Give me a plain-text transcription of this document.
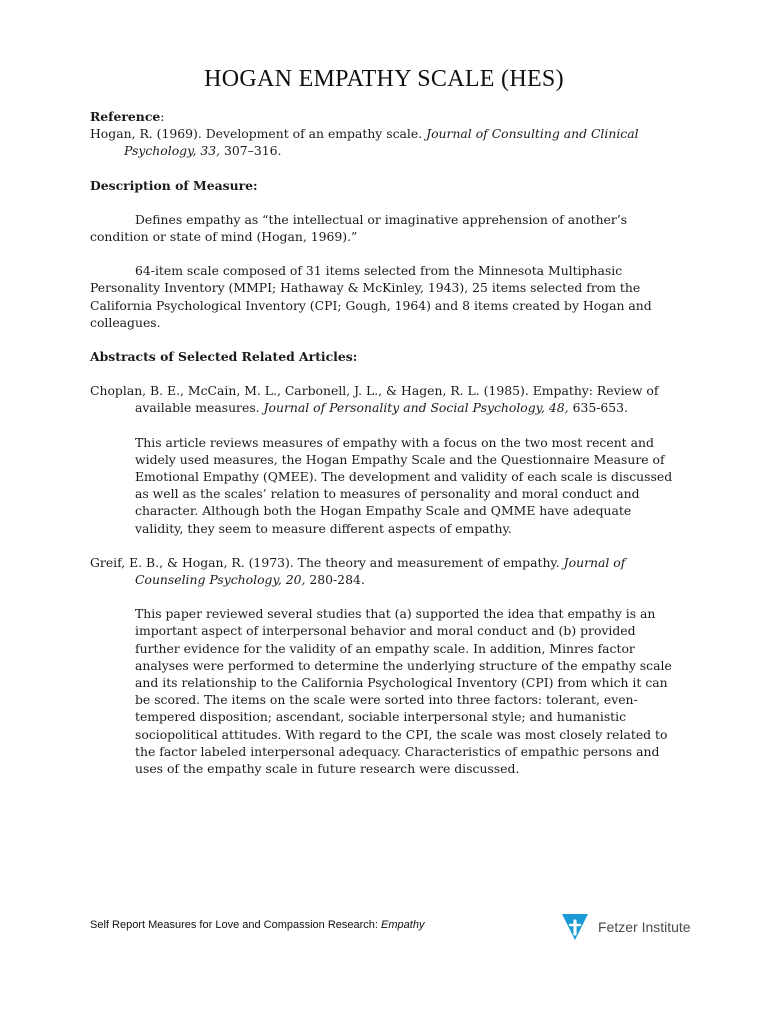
HOGAN EMPATHY SCALE (HES)

Reference:

Hogan, R. (1969). Development of an empathy scale. Journal of Consulting and Clinical Psychology, 33, 307–316.

Description of Measure:

Defines empathy as “the intellectual or imaginative apprehension of another’s condition or state of mind (Hogan, 1969).”

64-item scale composed of 31 items selected from the Minnesota Multiphasic Personality Inventory (MMPI; Hathaway & McKinley, 1943), 25 items selected from the California Psychological Inventory (CPI; Gough, 1964) and 8 items created by Hogan and colleagues.

Abstracts of Selected Related Articles:

Choplan, B. E., McCain, M. L., Carbonell, J. L., & Hagen, R. L. (1985). Empathy: Review of available measures. Journal of Personality and Social Psychology, 48, 635-653.

This article reviews measures of empathy with a focus on the two most recent and widely used measures, the Hogan Empathy Scale and the Questionnaire Measure of Emotional Empathy (QMEE). The development and validity of each scale is discussed as well as the scales’ relation to measures of personality and moral conduct and character. Although both the Hogan Empathy Scale and QMME have adequate validity, they seem to measure different aspects of empathy.

Greif, E. B., & Hogan, R. (1973). The theory and measurement of empathy. Journal of Counseling Psychology, 20, 280-284.

This paper reviewed several studies that (a) supported the idea that empathy is an important aspect of interpersonal behavior and moral conduct and (b) provided further evidence for the validity of an empathy scale. In addition, Minres factor analyses were performed to determine the underlying structure of the empathy scale and its relationship to the California Psychological Inventory (CPI) from which it can be scored. The items on the scale were sorted into three factors: tolerant, even-tempered disposition; ascendant, sociable interpersonal style; and humanistic sociopolitical attitudes. With regard to the CPI, the scale was most closely related to the factor labeled interpersonal adequacy. Characteristics of empathic persons and uses of the empathy scale in future research were discussed.

Self Report Measures for Love and Compassion Research: Empathy	Fetzer Institute
